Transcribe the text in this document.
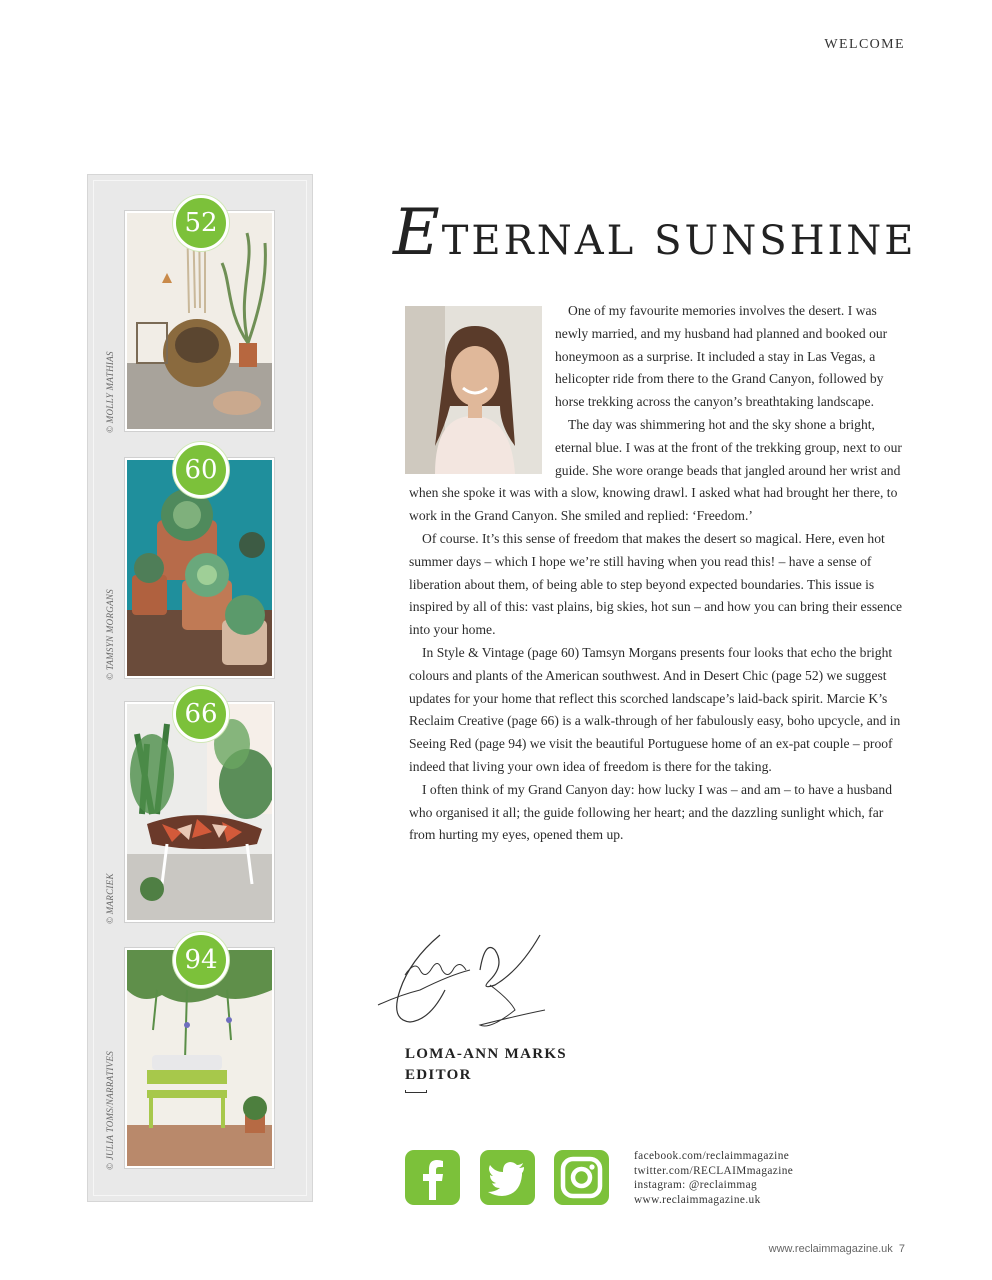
WELCOME
52
© MOLLY MATHIAS
60
© TAMSYN MORGANS
66
© MARCIEK
94
© JULIA TOMS/NARRATIVES
ETERNAL SUNSHINE

One of my favourite memories involves the desert. I was newly married, and my husband had planned and booked our honeymoon as a surprise. It included a stay in Las Vegas, a helicopter ride from there to the Grand Canyon, followed by horse trekking across the canyon’s breathtaking landscape.

The day was shimmering hot and the sky shone a bright, eternal blue. I was at the front of the trekking group, next to our guide. She wore orange beads that jangled around her wrist and when she spoke it was with a slow, knowing drawl. I asked what had brought her there, to work in the Grand Canyon. She smiled and replied: ‘Freedom.’

Of course. It’s this sense of freedom that makes the desert so magical. Here, even hot summer days – which I hope we’re still having when you read this! – have a sense of liberation about them, of being able to step beyond expected boundaries. This issue is inspired by all of this: vast plains, big skies, hot sun – and how you can bring their essence into your home.

In Style & Vintage (page 60) Tamsyn Morgans presents four looks that echo the bright colours and plants of the American southwest. And in Desert Chic (page 52) we suggest updates for your home that reflect this scorched landscape’s laid-back spirit. Marcie K’s Reclaim Creative (page 66) is a walk-through of her fabulously easy, boho upcycle, and in Seeing Red (page 94) we visit the beautiful Portuguese home of an ex-pat couple – proof indeed that living your own idea of freedom is there for the taking.

I often think of my Grand Canyon day: how lucky I was – and am – to have a husband who organised it all; the guide following her heart; and the dazzling sunlight which, far from hurting my eyes, opened them up.

LOMA-ANN MARKS
EDITOR
facebook.com/reclaimmagazine
twitter.com/RECLAIMmagazine
instagram: @reclaimmag
www.reclaimmagazine.uk
www.reclaimmagazine.uk 7
